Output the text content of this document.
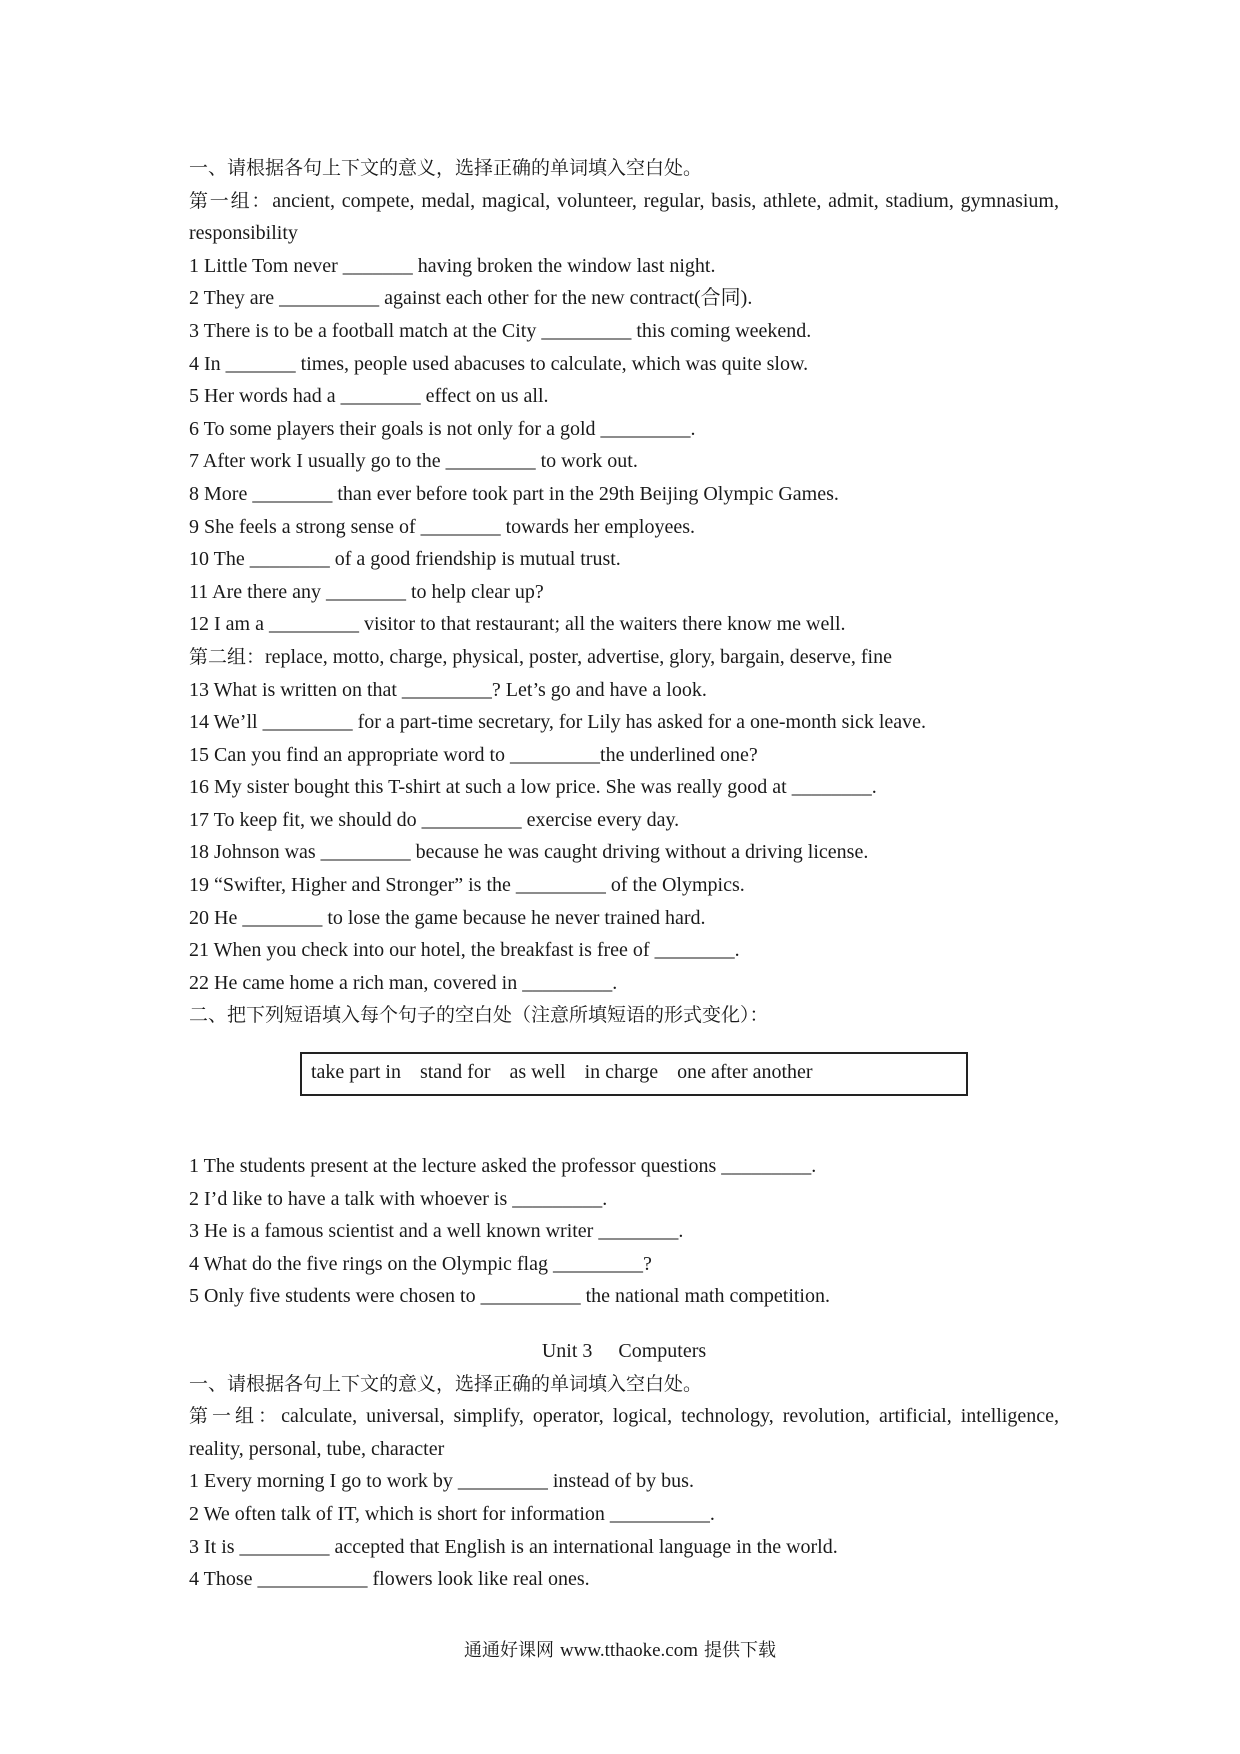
一、请根据各句上下文的意义，选择正确的单词填入空白处。
第一组：ancient, compete, medal, magical, volunteer, regular, basis, athlete, admit, stadium, gymnasium, responsibility
1 Little Tom never _______ having broken the window last night.
2 They are __________ against each other for the new contract(合同).
3 There is to be a football match at the City _________ this coming weekend.
4 In _______ times, people used abacuses to calculate, which was quite slow.
5 Her words had a ________ effect on us all.
6 To some players their goals is not only for a gold _________.
7 After work I usually go to the _________ to work out.
8 More ________ than ever before took part in the 29th Beijing Olympic Games.
9 She feels a strong sense of ________ towards her employees.
10 The ________ of a good friendship is mutual trust.
11 Are there any ________ to help clear up?
12 I am a _________ visitor to that restaurant; all the waiters there know me well.
第二组：replace, motto, charge, physical, poster, advertise, glory, bargain, deserve, fine
13 What is written on that _________? Let’s go and have a look.
14 We’ll _________ for a part-time secretary, for Lily has asked for a one-month sick leave.
15 Can you find an appropriate word to _________the underlined one?
16 My sister bought this T-shirt at such a low price. She was really good at ________.
17 To keep fit, we should do __________ exercise every day.
18 Johnson was _________ because he was caught driving without a driving license.
19 “Swifter, Higher and Stronger” is the _________ of the Olympics.
20 He ________ to lose the game because he never trained hard.
21 When you check into our hotel, the breakfast is free of ________.
22 He came home a rich man, covered in _________.
二、把下列短语填入每个句子的空白处（注意所填短语的形式变化）：
take part in stand for as wellin charge one after another
1 The students present at the lecture asked the professor questions _________.
2 I’d like to have a talk with whoever is _________.
3 He is a famous scientist and a well known writer ________.
4 What do the five rings on the Olympic flag _________?
5 Only five students were chosen to __________ the national math competition.
Unit 3 Computers
一、请根据各句上下文的意义，选择正确的单词填入空白处。
第一组：calculate, universal, simplify, operator, logical, technology, revolution, artificial, intelligence, reality, personal, tube, character
1 Every morning I go to work by _________ instead of by bus.
2 We often talk of IT, which is short for information __________.
3 It is _________ accepted that English is an international language in the world.
4 Those ___________ flowers look like real ones.
通通好课网 www.tthaoke.com 提供下载
